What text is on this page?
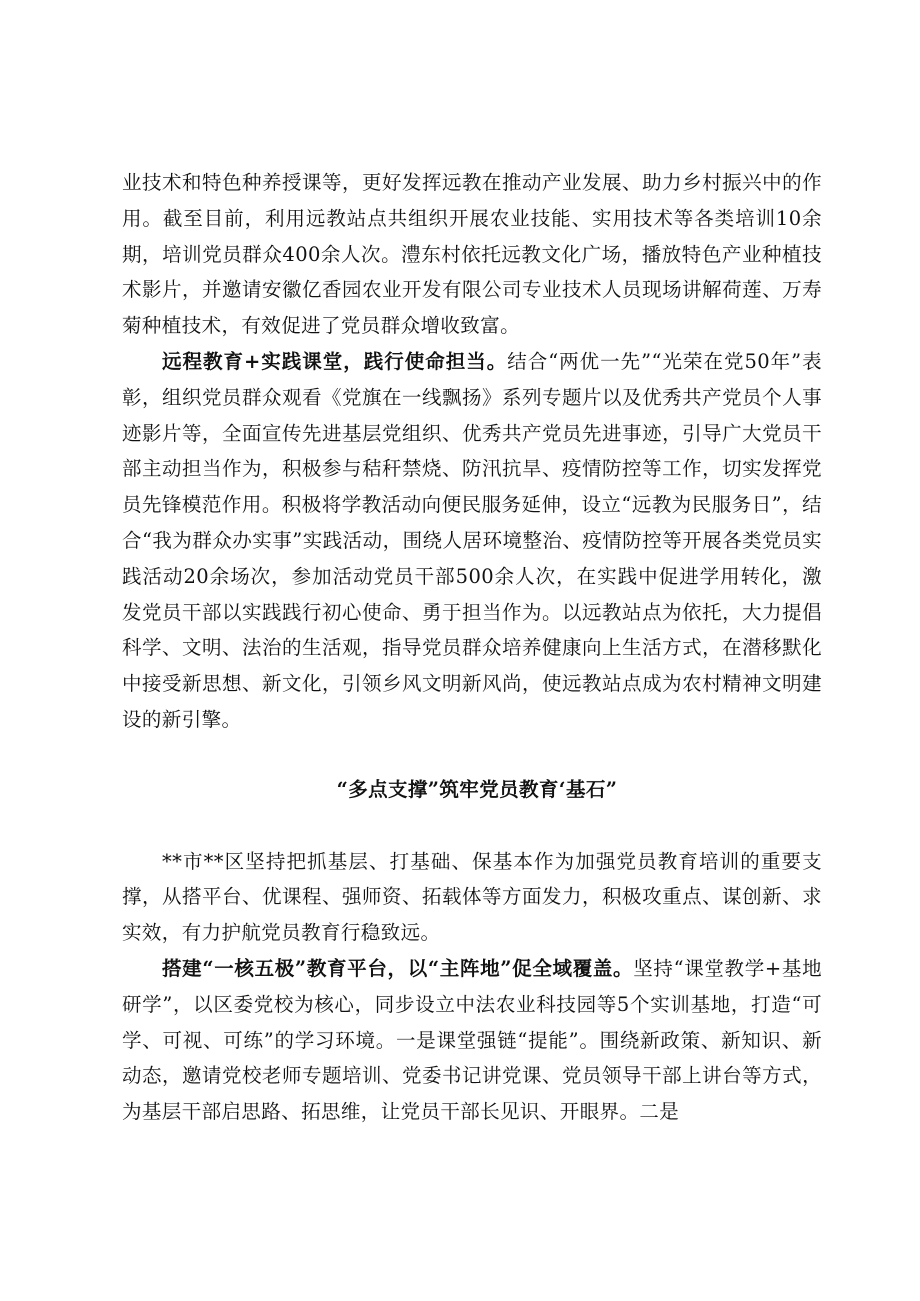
业技术和特色种养授课等，更好发挥远教在推动产业发展、助力乡村振兴中的作用。截至目前，利用远教站点共组织开展农业技能、实用技术等各类培训10余期，培训党员群众400余人次。澧东村依托远教文化广场，播放特色产业种植技术影片，并邀请安徽亿香园农业开发有限公司专业技术人员现场讲解荷莲、万寿菊种植技术，有效促进了党员群众增收致富。

远程教育+实践课堂，践行使命担当。结合“两优一先”“光荣在党50年”表彰，组织党员群众观看《党旗在一线飘扬》系列专题片以及优秀共产党员个人事迹影片等，全面宣传先进基层党组织、优秀共产党员先进事迹，引导广大党员干部主动担当作为，积极参与秸秆禁烧、防汛抗旱、疫情防控等工作，切实发挥党员先锋模范作用。积极将学教活动向便民服务延伸，设立“远教为民服务日”，结合“我为群众办实事”实践活动，围绕人居环境整治、疫情防控等开展各类党员实践活动20余场次，参加活动党员干部500余人次，在实践中促进学用转化，激发党员干部以实践践行初心使命、勇于担当作为。以远教站点为依托，大力提倡科学、文明、法治的生活观，指导党员群众培养健康向上生活方式，在潜移默化中接受新思想、新文化，引领乡风文明新风尚，使远教站点成为农村精神文明建设的新引擎。

“多点支撑”筑牢党员教育‘基石”

**市**区坚持把抓基层、打基础、保基本作为加强党员教育培训的重要支撑，从搭平台、优课程、强师资、拓载体等方面发力，积极攻重点、谋创新、求实效，有力护航党员教育行稳致远。

搭建“一核五极”教育平台，以“主阵地”促全域覆盖。坚持“课堂教学+基地研学”，以区委党校为核心，同步设立中法农业科技园等5个实训基地，打造“可学、可视、可练”的学习环境。一是课堂强链“提能”。围绕新政策、新知识、新动态，邀请党校老师专题培训、党委书记讲党课、党员领导干部上讲台等方式，为基层干部启思路、拓思维，让党员干部长见识、开眼界。二是
